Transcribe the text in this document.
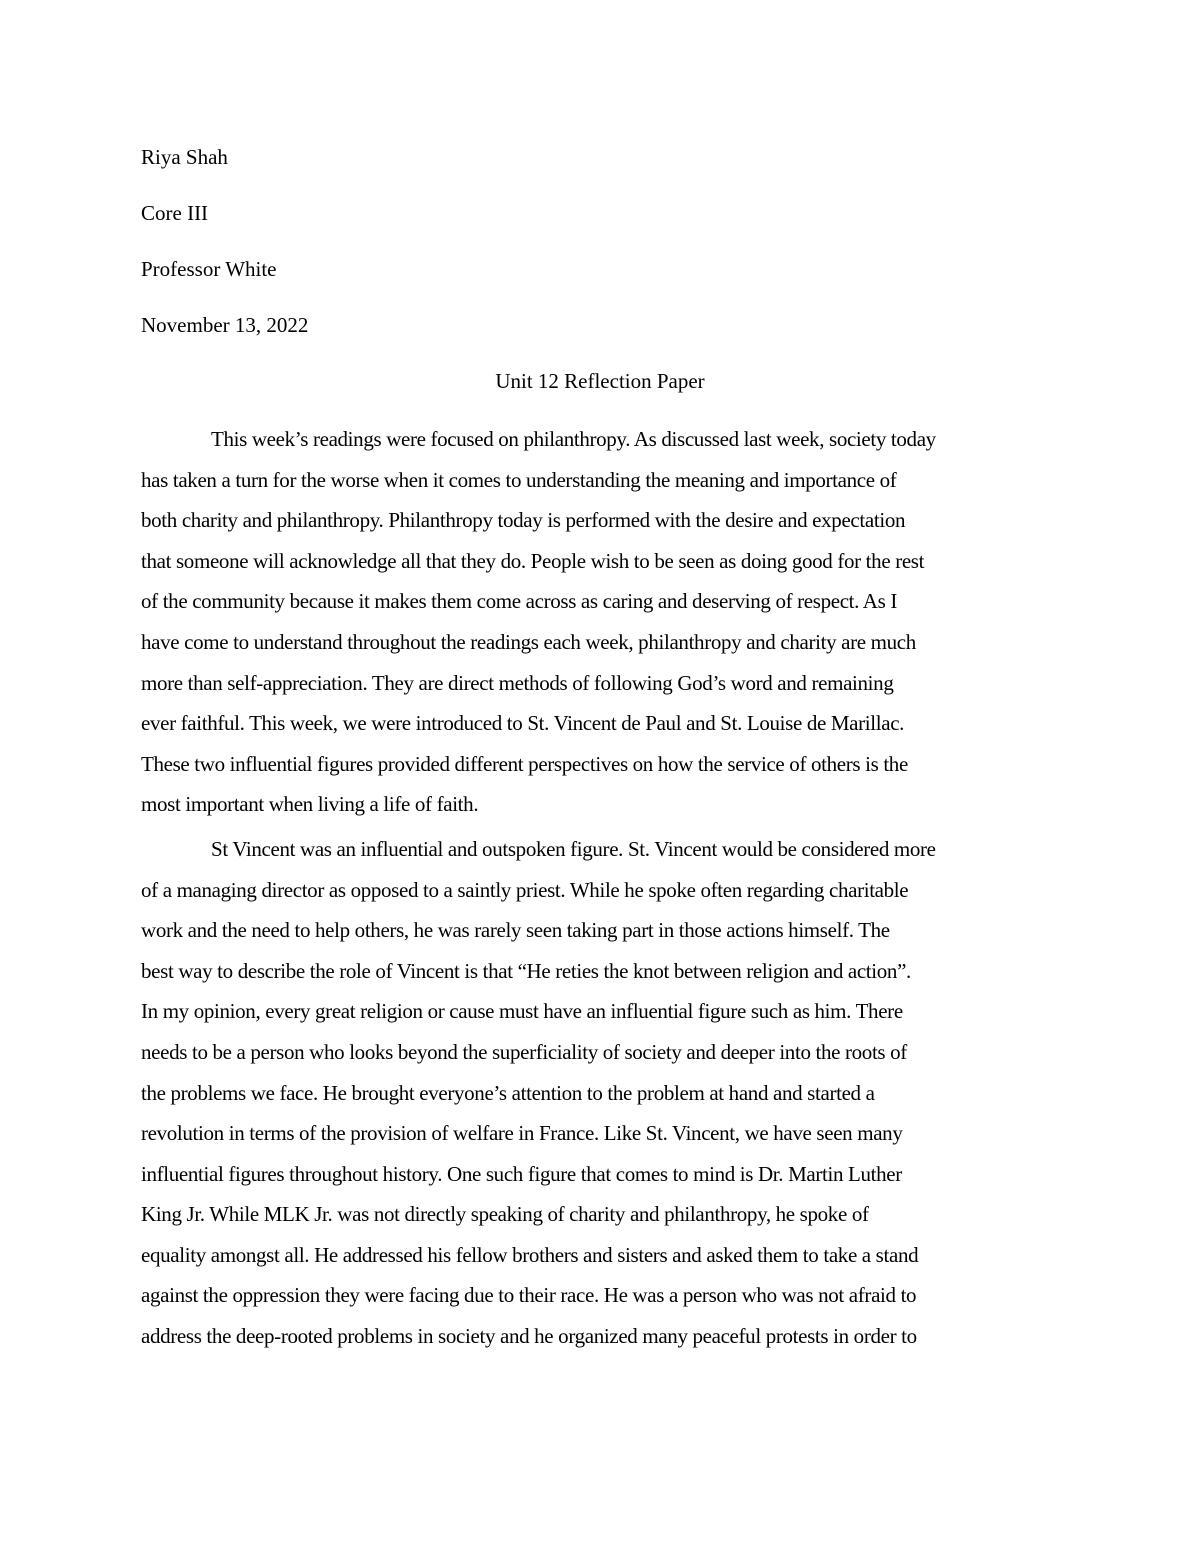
Riya Shah

Core III

Professor White

November 13, 2022

Unit 12 Reflection Paper

This week’s readings were focused on philanthropy. As discussed last week, society today
has taken a turn for the worse when it comes to understanding the meaning and importance of
both charity and philanthropy. Philanthropy today is performed with the desire and expectation
that someone will acknowledge all that they do. People wish to be seen as doing good for the rest
of the community because it makes them come across as caring and deserving of respect. As I
have come to understand throughout the readings each week, philanthropy and charity are much
more than self-appreciation. They are direct methods of following God’s word and remaining
ever faithful. This week, we were introduced to St. Vincent de Paul and St. Louise de Marillac.
These two influential figures provided different perspectives on how the service of others is the
most important when living a life of faith.

St Vincent was an influential and outspoken figure. St. Vincent would be considered more
of a managing director as opposed to a saintly priest. While he spoke often regarding charitable
work and the need to help others, he was rarely seen taking part in those actions himself. The
best way to describe the role of Vincent is that “He reties the knot between religion and action”.
In my opinion, every great religion or cause must have an influential figure such as him. There
needs to be a person who looks beyond the superficiality of society and deeper into the roots of
the problems we face. He brought everyone’s attention to the problem at hand and started a
revolution in terms of the provision of welfare in France. Like St. Vincent, we have seen many
influential figures throughout history. One such figure that comes to mind is Dr. Martin Luther
King Jr. While MLK Jr. was not directly speaking of charity and philanthropy, he spoke of
equality amongst all. He addressed his fellow brothers and sisters and asked them to take a stand
against the oppression they were facing due to their race. He was a person who was not afraid to
address the deep-rooted problems in society and he organized many peaceful protests in order to
